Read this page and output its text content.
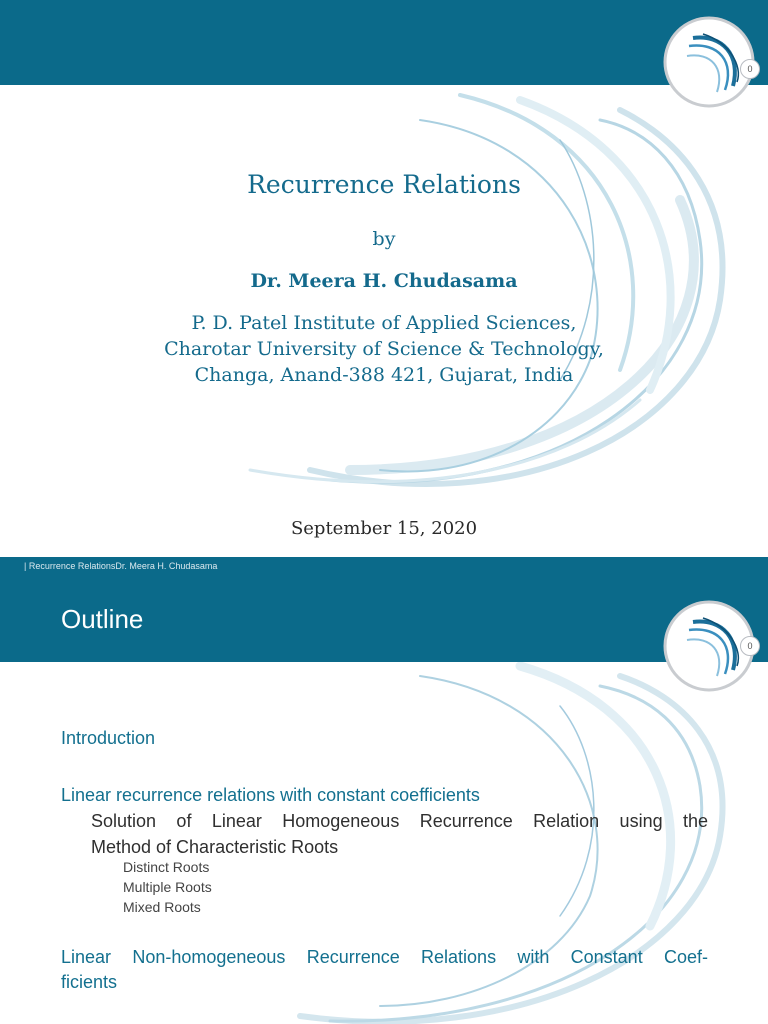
0
Recurrence Relations
by
Dr. Meera H. Chudasama
P. D. Patel Institute of Applied Sciences,
Charotar University of Science & Technology,
Changa, Anand-388 421, Gujarat, India
September 15, 2020
| Recurrence RelationsDr. Meera H. Chudasama
Outline
0
Introduction
Linear recurrence relations with constant coefficients
Solution of Linear Homogeneous Recurrence Relation using the
Method of Characteristic Roots
Distinct Roots
Multiple Roots
Mixed Roots
Linear Non-homogeneous Recurrence Relations with Constant Coef-
ficients
